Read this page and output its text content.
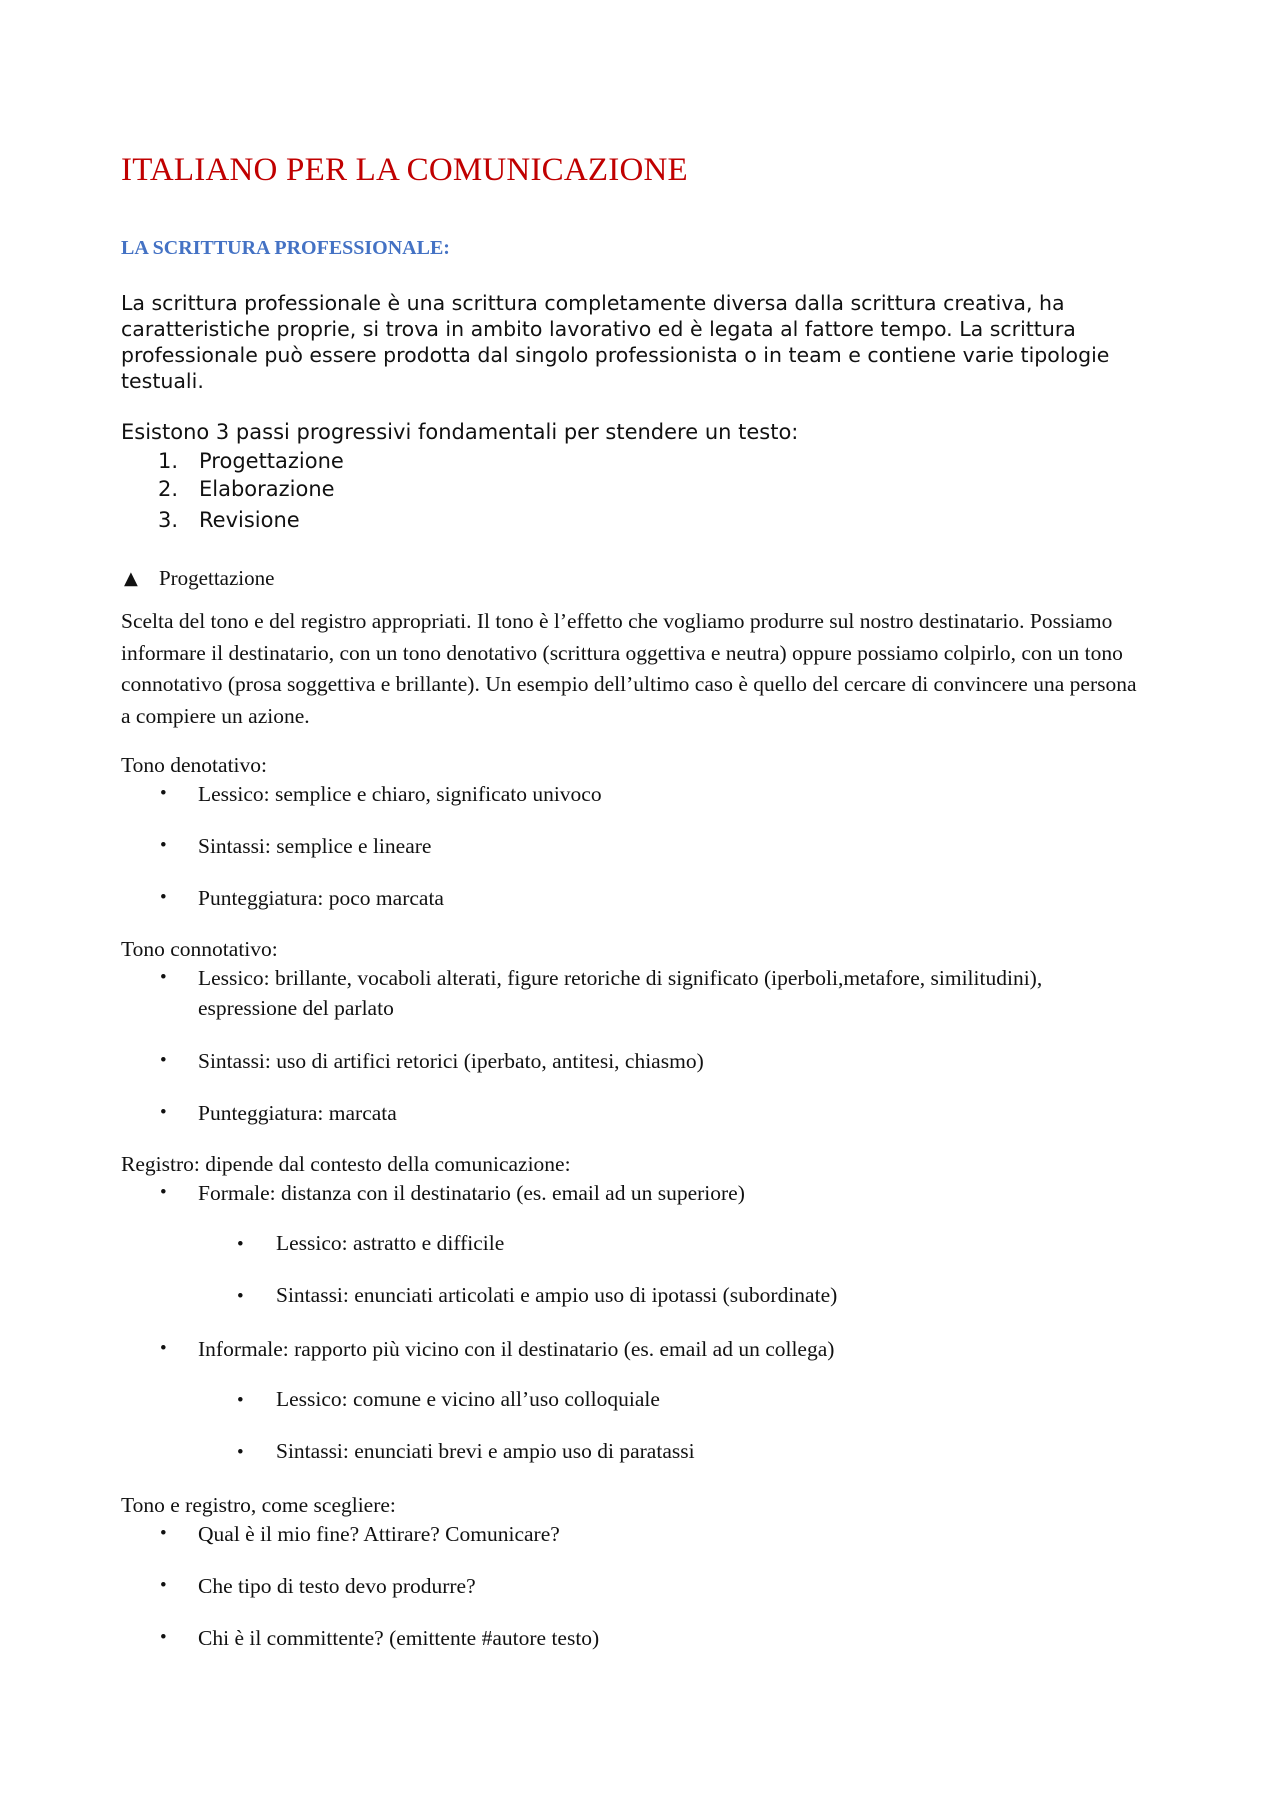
ITALIANO PER LA COMUNICAZIONE
LA SCRITTURA PROFESSIONALE:
La scrittura professionale è una scrittura completamente diversa dalla scrittura creativa, ha caratteristiche proprie, si trova in ambito lavorativo ed è legata al fattore tempo. La scrittura professionale può essere prodotta dal singolo professionista o in team e contiene varie tipologie testuali.
Esistono 3 passi progressivi fondamentali per stendere un testo:
1. Progettazione
2. Elaborazione
3. Revisione
▲ Progettazione
Scelta del tono e del registro appropriati. Il tono è l’effetto che vogliamo produrre sul nostro destinatario. Possiamo informare il destinatario, con un tono denotativo (scrittura oggettiva e neutra) oppure possiamo colpirlo, con un tono connotativo (prosa soggettiva e brillante). Un esempio dell’ultimo caso è quello del cercare di convincere una persona a compiere un azione.
Tono denotativo:
• Lessico: semplice e chiaro, significato univoco
• Sintassi: semplice e lineare
• Punteggiatura: poco marcata
Tono connotativo:
• Lessico: brillante, vocaboli alterati, figure retoriche di significato (iperboli,metafore, similitudini),
espressione del parlato
• Sintassi: uso di artifici retorici (iperbato, antitesi, chiasmo)
• Punteggiatura: marcata
Registro: dipende dal contesto della comunicazione:
• Formale: distanza con il destinatario (es. email ad un superiore)
• Lessico: astratto e difficile
• Sintassi: enunciati articolati e ampio uso di ipotassi (subordinate)
• Informale: rapporto più vicino con il destinatario (es. email ad un collega)
• Lessico: comune e vicino all’uso colloquiale
• Sintassi: enunciati brevi e ampio uso di paratassi
Tono e registro, come scegliere:
• Qual è il mio fine? Attirare? Comunicare?
• Che tipo di testo devo produrre?
• Chi è il committente? (emittente #autore testo)
